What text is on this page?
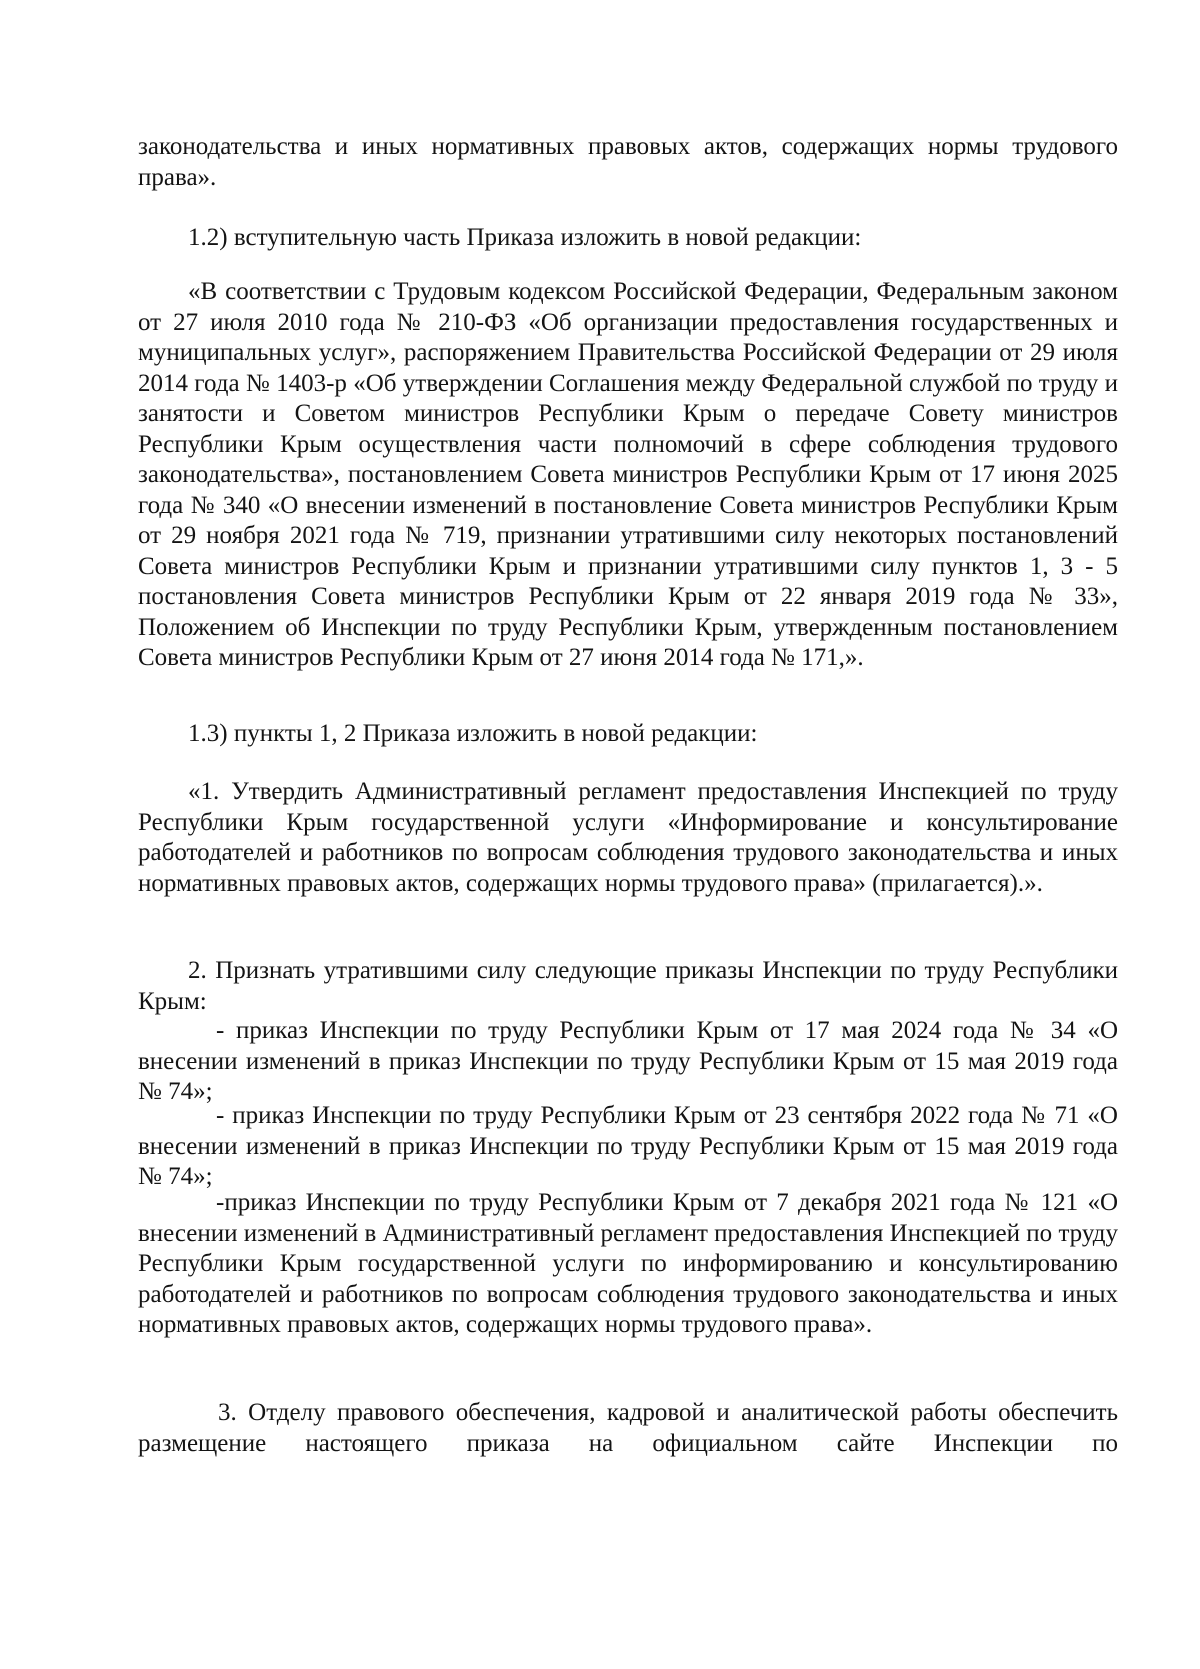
законодательства и иных нормативных правовых актов, содержащих нормы трудового права».

1.2) вступительную часть Приказа изложить в новой редакции:

«В соответствии с Трудовым кодексом Российской Федерации, Федеральным законом от 27 июля 2010 года № 210-ФЗ «Об организации предоставления государственных и муниципальных услуг», распоряжением Правительства Российской Федерации от 29 июля 2014 года № 1403-р «Об утверждении Соглашения между Федеральной службой по труду и занятости и Советом министров Республики Крым о передаче Совету министров Республики Крым осуществления части полномочий в сфере соблюдения трудового законодательства», постановлением Совета министров Республики Крым от 17 июня 2025 года № 340 «О внесении изменений в постановление Совета министров Республики Крым от 29 ноября 2021 года № 719, признании утратившими силу некоторых постановлений Совета министров Республики Крым и признании утратившими силу пунктов 1, 3 - 5 постановления Совета министров Республики Крым от 22 января 2019 года № 33», Положением об Инспекции по труду Республики Крым, утвержденным постановлением Совета министров Республики Крым от 27 июня 2014 года № 171,».

1.3) пункты 1, 2 Приказа изложить в новой редакции:

«1. Утвердить Административный регламент предоставления Инспекцией по труду Республики Крым государственной услуги «Информирование и консультирование работодателей и работников по вопросам соблюдения трудового законодательства и иных нормативных правовых актов, содержащих нормы трудового права» (прилагается).».

2. Признать утратившими силу следующие приказы Инспекции по труду Республики Крым:

- приказ Инспекции по труду Республики Крым от 17 мая 2024 года № 34 «О внесении изменений в приказ Инспекции по труду Республики Крым от 15 мая 2019 года № 74»;

- приказ Инспекции по труду Республики Крым от 23 сентября 2022 года № 71 «О внесении изменений в приказ Инспекции по труду Республики Крым от 15 мая 2019 года № 74»;

-приказ Инспекции по труду Республики Крым от 7 декабря 2021 года № 121 «О внесении изменений в Административный регламент предоставления Инспекцией по труду Республики Крым государственной услуги по информированию и консультированию работодателей и работников по вопросам соблюдения трудового законодательства и иных нормативных правовых актов, содержащих нормы трудового права».

3. Отделу правового обеспечения, кадровой и аналитической работы обеспечить размещение настоящего приказа на официальном сайте Инспекции по
